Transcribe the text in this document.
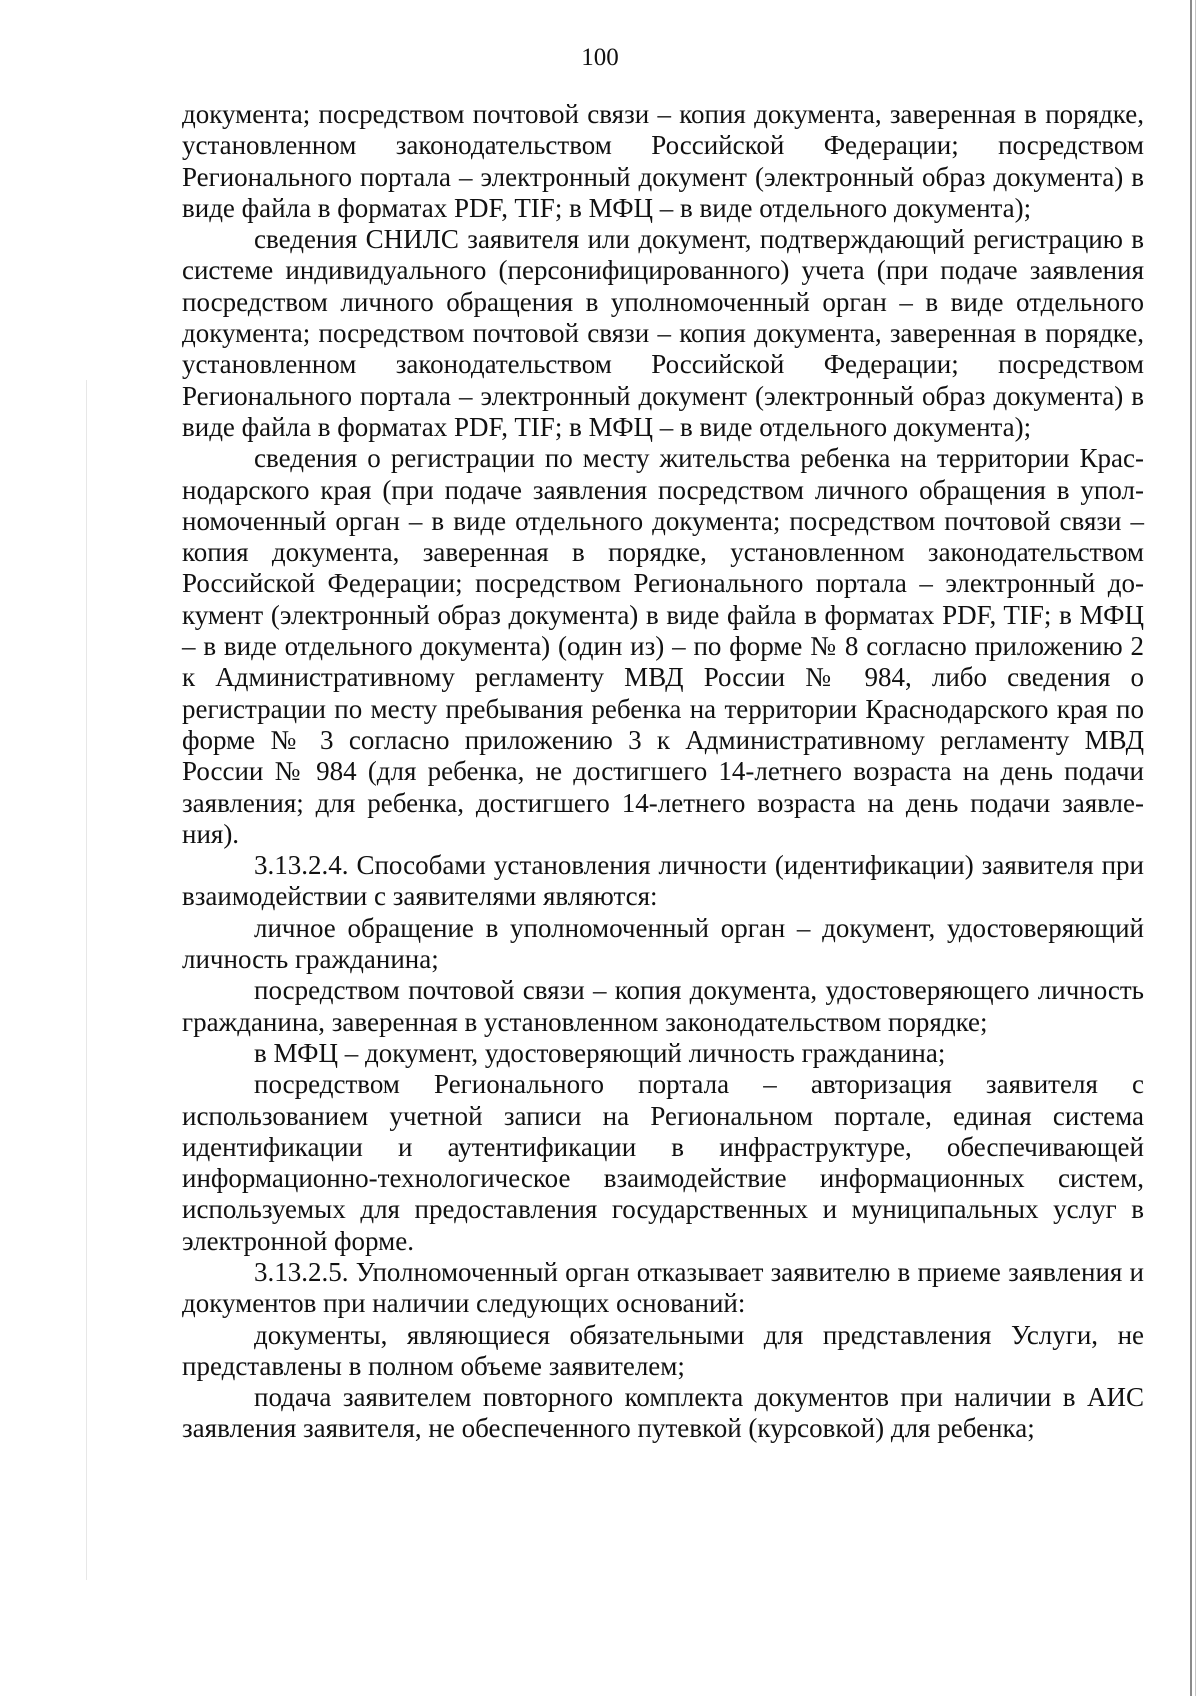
100

документа; посредством почтовой связи – копия документа, заверенная в порядке, установленном законодательством Российской Федерации; посредством Регионального портала – электронный документ (электронный образ документа) в виде файла в форматах PDF, TIF; в МФЦ – в виде отдельного документа);

сведения СНИЛС заявителя или документ, подтверждающий регистрацию в системе индивидуального (персонифицированного) учета (при подаче заявления посредством личного обращения в уполномоченный орган – в виде отдельного документа; посредством почтовой связи – копия документа, заверенная в порядке, установленном законодательством Российской Федерации; посредством Регионального портала – электронный документ (электронный образ документа) в виде файла в форматах PDF, TIF; в МФЦ – в виде отдельного документа);

сведения о регистрации по месту жительства ребенка на территории Краснодарского края (при подаче заявления посредством личного обращения в уполномоченный орган – в виде отдельного документа; посредством почтовой связи – копия документа, заверенная в порядке, установленном законодательством Российской Федерации; посредством Регионального портала – электронный документ (электронный образ документа) в виде файла в форматах PDF, TIF; в МФЦ – в виде отдельного документа) (один из) – по форме № 8 согласно приложению 2 к Административному регламенту МВД России № 984, либо сведения о регистрации по месту пребывания ребенка на территории Краснодарского края по форме № 3 согласно приложению 3 к Административному регламенту МВД России № 984 (для ребенка, не достигшего 14-летнего возраста на день подачи заявления; для ребенка, достигшего 14-летнего возраста на день подачи заявления).

3.13.2.4. Способами установления личности (идентификации) заявителя при взаимодействии с заявителями являются:

личное обращение в уполномоченный орган – документ, удостоверяющий личность гражданина;

посредством почтовой связи – копия документа, удостоверяющего личность гражданина, заверенная в установленном законодательством порядке;

в МФЦ – документ, удостоверяющий личность гражданина;

посредством Регионального портала – авторизация заявителя с использованием учетной записи на Региональном портале, единая система идентификации и аутентификации в инфраструктуре, обеспечивающей информационно-технологическое взаимодействие информационных систем, используемых для предоставления государственных и муниципальных услуг в электронной форме.

3.13.2.5. Уполномоченный орган отказывает заявителю в приеме заявления и документов при наличии следующих оснований:

документы, являющиеся обязательными для представления Услуги, не представлены в полном объеме заявителем;

подача заявителем повторного комплекта документов при наличии в АИС заявления заявителя, не обеспеченного путевкой (курсовкой) для ребенка;
